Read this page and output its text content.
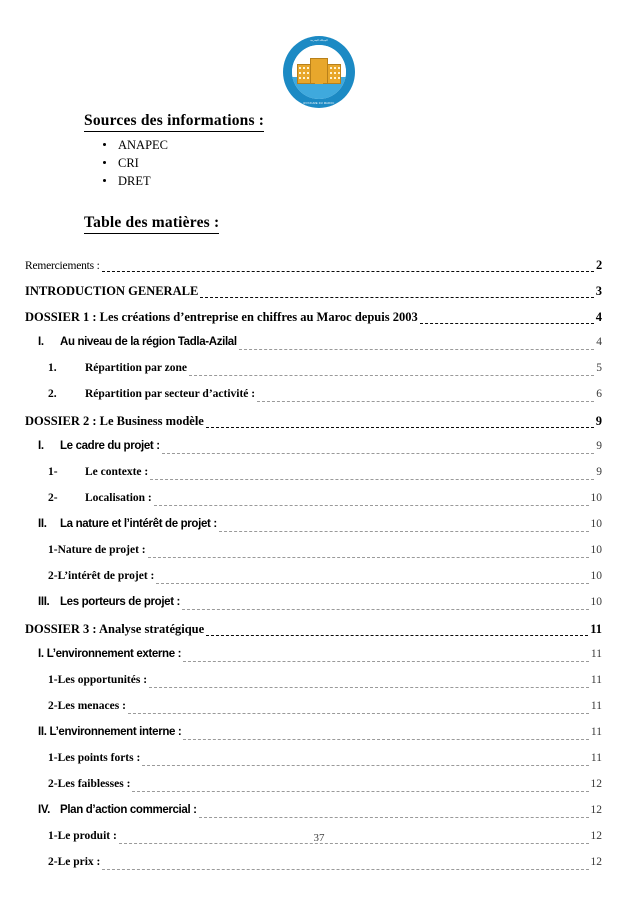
المملكة المغربية
ROYAUME DU MAROC
Sources des informations :
ANAPEC
CRI
DRET
Table des matières :
Remerciements :	2
INTRODUCTION GENERALE	3
DOSSIER 1 : Les créations d’entreprise en chiffres au Maroc depuis 2003	4
I. Au niveau de la région Tadla-Azilal	4
1. Répartition par zone	5
2. Répartition par secteur d’activité :	6
DOSSIER 2 : Le Business modèle	9
I. Le cadre du projet :	9
1- Le contexte :	9
2- Localisation :	10
II. La nature et l’intérêt de projet :	10
1-Nature de projet :	10
2-L’intérêt de projet :	10
III. Les porteurs de projet :	10
DOSSIER 3 : Analyse stratégique	11
I. L’environnement externe :	11
1-Les opportunités :	11
2-Les menaces :	11
II. L’environnement interne :	11
1-Les points forts :	11
2-Les faiblesses :	12
IV. Plan d’action commercial :	12
1-Le produit :	12
2-Le prix :	12
37
